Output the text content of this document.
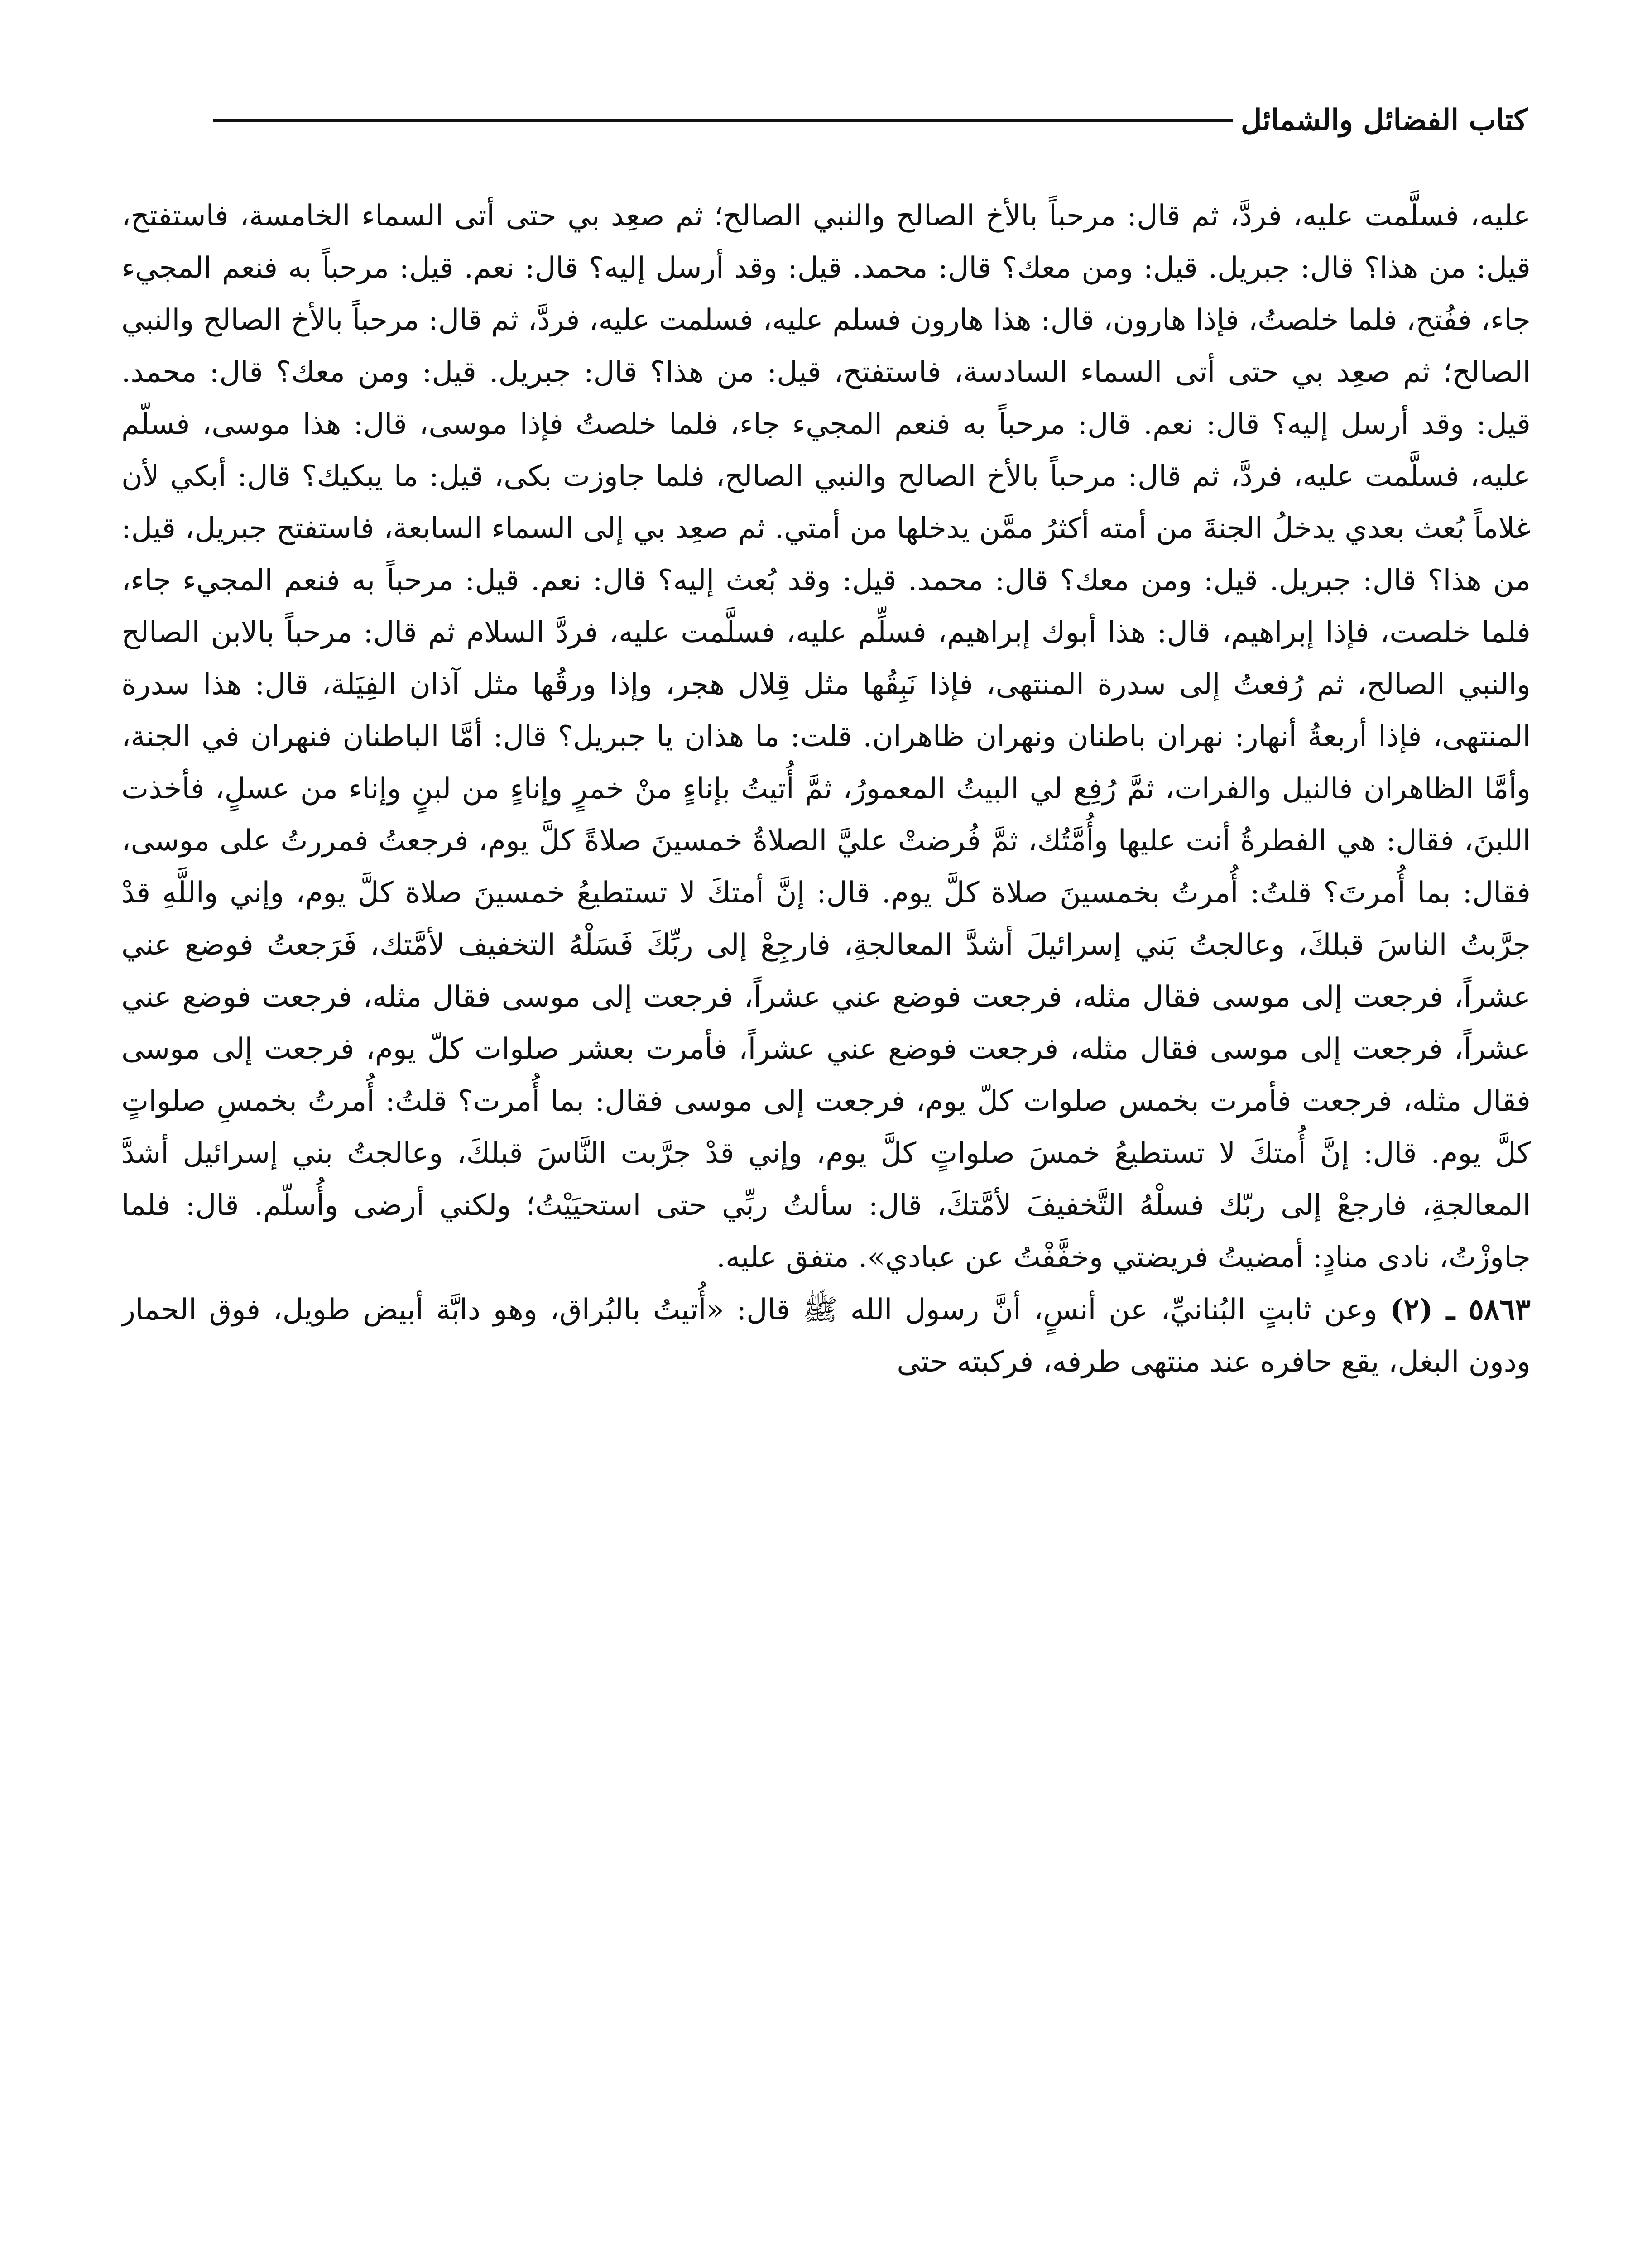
كتاب الفضائل والشمائل

عليه، فسلَّمت عليه، فردَّ، ثم قال: مرحباً بالأخ الصالح والنبي الصالح؛ ثم صعِد بي حتى أتى السماء الخامسة، فاستفتح، قيل: من هذا؟ قال: جبريل. قيل: ومن معك؟ قال: محمد. قيل: وقد أرسل إليه؟ قال: نعم. قيل: مرحباً به فنعم المجيء جاء، ففُتح، فلما خلصتُ، فإذا هارون، قال: هذا هارون فسلم عليه، فسلمت عليه، فردَّ، ثم قال: مرحباً بالأخ الصالح والنبي الصالح؛ ثم صعِد بي حتى أتى السماء السادسة، فاستفتح، قيل: من هذا؟ قال: جبريل. قيل: ومن معك؟ قال: محمد. قيل: وقد أرسل إليه؟ قال: نعم. قال: مرحباً به فنعم المجيء جاء، فلما خلصتُ فإذا موسى، قال: هذا موسى، فسلّم عليه، فسلَّمت عليه، فردَّ، ثم قال: مرحباً بالأخ الصالح والنبي الصالح، فلما جاوزت بكى، قيل: ما يبكيك؟ قال: أبكي لأن غلاماً بُعث بعدي يدخلُ الجنةَ من أمته أكثرُ ممَّن يدخلها من أمتي. ثم صعِد بي إلى السماء السابعة، فاستفتح جبريل، قيل: من هذا؟ قال: جبريل. قيل: ومن معك؟ قال: محمد. قيل: وقد بُعث إليه؟ قال: نعم. قيل: مرحباً به فنعم المجيء جاء، فلما خلصت، فإذا إبراهيم، قال: هذا أبوك إبراهيم، فسلِّم عليه، فسلَّمت عليه، فردَّ السلام ثم قال: مرحباً بالابن الصالح والنبي الصالح، ثم رُفعتُ إلى سدرة المنتهى، فإذا نَبِقُها مثل قِلال هجر، وإذا ورقُها مثل آذان الفِيَلة، قال: هذا سدرة المنتهى، فإذا أربعةُ أنهار: نهران باطنان ونهران ظاهران. قلت: ما هذان يا جبريل؟ قال: أمَّا الباطنان فنهران في الجنة، وأمَّا الظاهران فالنيل والفرات، ثمَّ رُفِع لي البيتُ المعمورُ، ثمَّ أُتيتُ بإناءٍ منْ خمرٍ وإناءٍ من لبنٍ وإناء من عسلٍ، فأخذت اللبنَ، فقال: هي الفطرةُ أنت عليها وأُمَّتُك، ثمَّ فُرضتْ عليَّ الصلاةُ خمسينَ صلاةً كلَّ يوم، فرجعتُ فمررتُ على موسى، فقال: بما أُمرتَ؟ قلتُ: أُمرتُ بخمسينَ صلاة كلَّ يوم. قال: إنَّ أمتكَ لا تستطيعُ خمسينَ صلاة كلَّ يوم، وإني واللَّهِ قدْ جرَّبتُ الناسَ قبلكَ، وعالجتُ بَني إسرائيلَ أشدَّ المعالجةِ، فارجِعْ إلى ربِّكَ فَسَلْهُ التخفيف لأمَّتك، فَرَجعتُ فوضع عني عشراً، فرجعت إلى موسى فقال مثله، فرجعت فوضع عني عشراً، فرجعت إلى موسى فقال مثله، فرجعت فوضع عني عشراً، فرجعت إلى موسى فقال مثله، فرجعت فوضع عني عشراً، فأمرت بعشر صلوات كلّ يوم، فرجعت إلى موسى فقال مثله، فرجعت فأمرت بخمس صلوات كلّ يوم، فرجعت إلى موسى فقال: بما أُمرت؟ قلتُ: أُمرتُ بخمسِ صلواتٍ كلَّ يوم. قال: إنَّ أُمتكَ لا تستطيعُ خمسَ صلواتٍ كلَّ يوم، وإني قدْ جرَّبت النَّاسَ قبلكَ، وعالجتُ بني إسرائيل أشدَّ المعالجةِ، فارجعْ إلى ربّك فسلْهُ التَّخفيفَ لأمَّتكَ، قال: سألتُ ربِّي حتى استحيَيْتُ؛ ولكني أرضى وأُسلّم. قال: فلما جاوزْتُ، نادى منادٍ: أمضيتُ فريضتي وخفَّفْتُ عن عبادي». متفق عليه.

٥٨٦٣ ـ (٢) وعن ثابتٍ البُنانيِّ، عن أنسٍ، أنَّ رسول الله ﷺ قال: «أُتيتُ بالبُراق، وهو دابَّة أبيض طويل، فوق الحمار ودون البغل، يقع حافره عند منتهى طرفه، فركبته حتى
